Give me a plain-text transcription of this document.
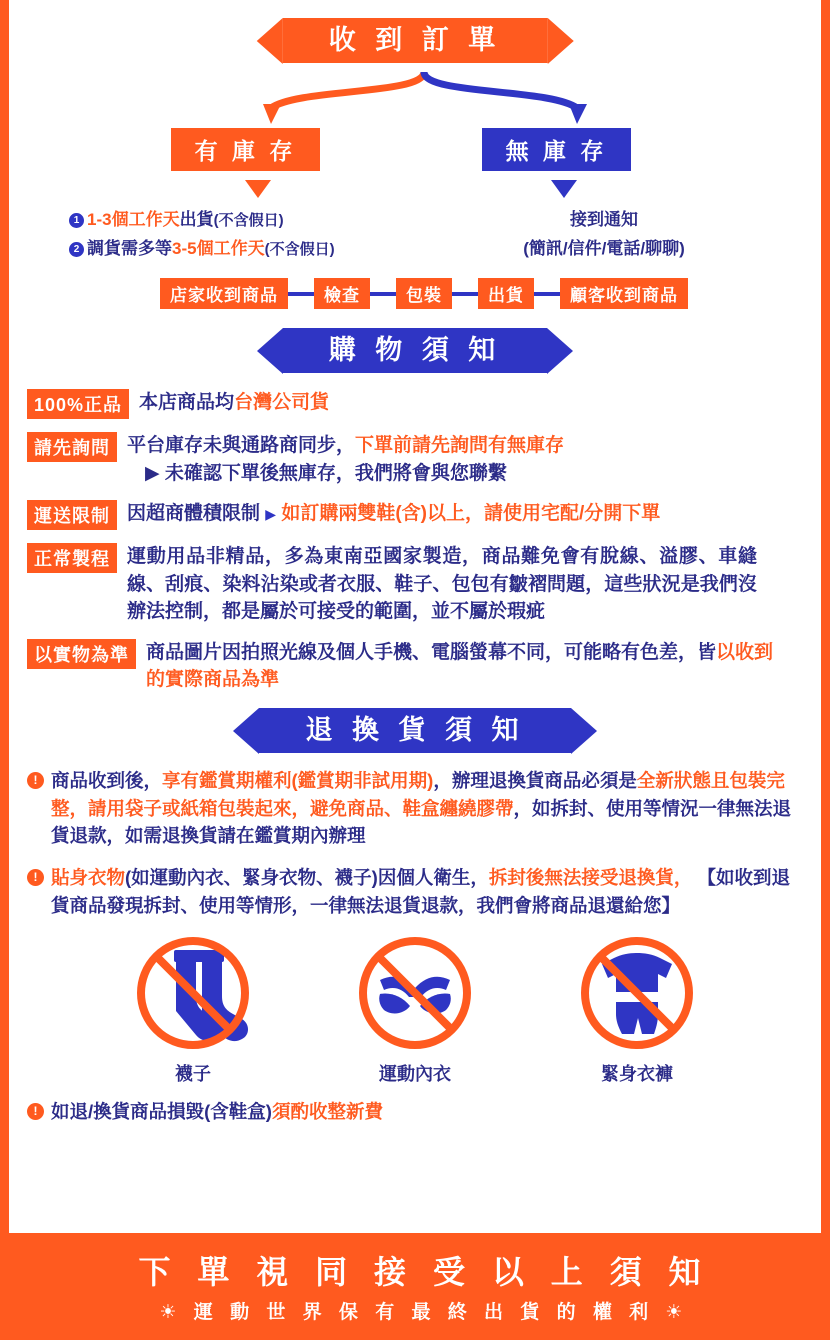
收 到 訂 單
有 庫 存	無 庫 存
1 1-3個工作天出貨(不含假日)
2 調貨需多等3-5個工作天(不含假日)
接到通知
(簡訊/信件/電話/聊聊)
店家收到商品	檢查	包裝	出貨	顧客收到商品
購 物 須 知
100%正品 本店商品均台灣公司貨
請先詢問 平台庫存未與通路商同步，下單前請先詢問有無庫存
▶ 未確認下單後無庫存，我們將會與您聯繫
運送限制 因超商體積限制 ▶ 如訂購兩雙鞋(含)以上，請使用宅配/分開下單
正常製程 運動用品非精品，多為東南亞國家製造，商品難免會有脫線、溢膠、車縫線、刮痕、染料沾染或者衣服、鞋子、包包有皺褶問題，這些狀況是我們沒辦法控制，都是屬於可接受的範圍，並不屬於瑕疵
以實物為準 商品圖片因拍照光線及個人手機、電腦螢幕不同，可能略有色差，皆以收到的實際商品為準
退 換 貨 須 知
! 商品收到後，享有鑑賞期權利(鑑賞期非試用期)，辦理退換貨商品必須是全新狀態且包裝完整，請用袋子或紙箱包裝起來，避免商品、鞋盒纏繞膠帶，如拆封、使用等情況一律無法退貨退款，如需退換貨請在鑑賞期內辦理
! 貼身衣物(如運動內衣、緊身衣物、襪子)因個人衛生，拆封後無法接受退換貨， 【如收到退貨商品發現拆封、使用等情形，一律無法退貨退款，我們會將商品退還給您】
襪子	運動內衣	緊身衣褲
! 如退/換貨商品損毀(含鞋盒)須酌收整新費
下 單 視 同 接 受 以 上 須 知
☀ 運 動 世 界 保 有 最 終 出 貨 的 權 利 ☀
